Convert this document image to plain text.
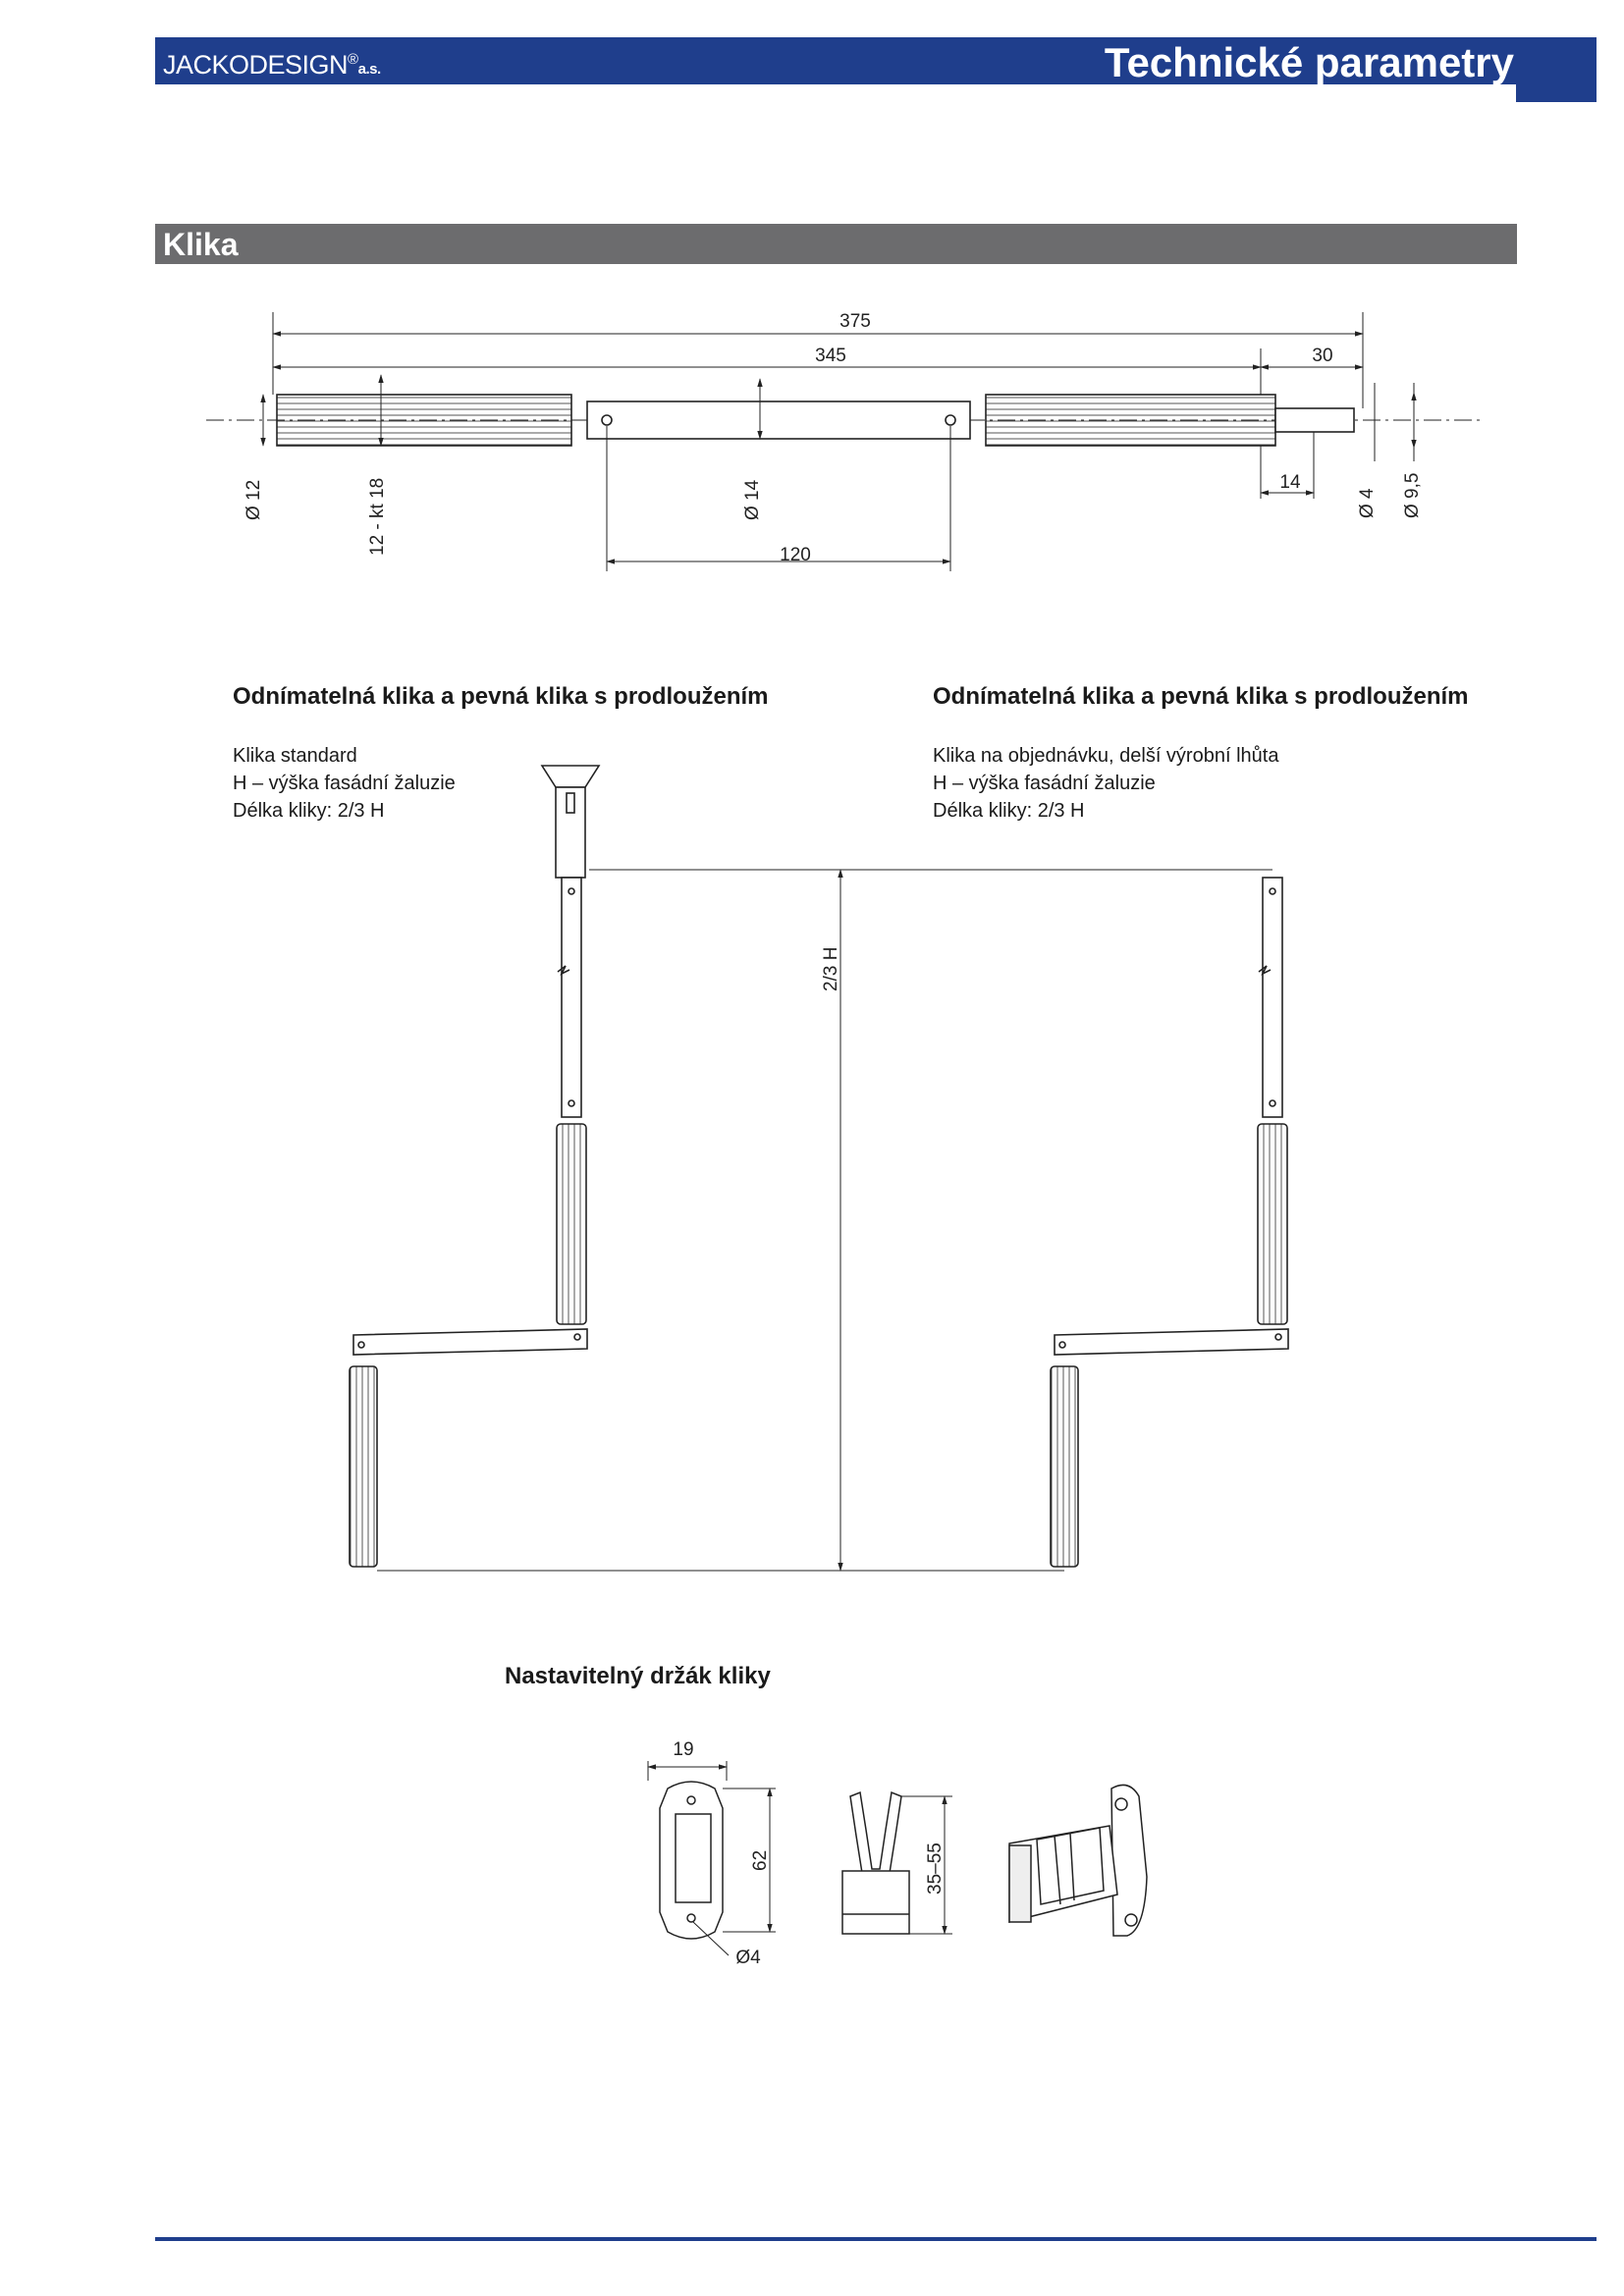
JACKODESIGN®a.s.	Technické parametry
Klika
375
345	30
120
14
Ø 12	12 - kt 18	Ø 14	Ø 4 Ø 9,5
2/3 H
19
62
Ø4
35–55
Odnímatelná klika a pevná klika s prodloužením
Klika standard
H – výška fasádní žaluzie
Délka kliky: 2/3 H
Odnímatelná klika a pevná klika s prodloužením
Klika na objednávku, delší výrobní lhůta
H – výška fasádní žaluzie
Délka kliky: 2/3 H
Nastavitelný držák kliky
